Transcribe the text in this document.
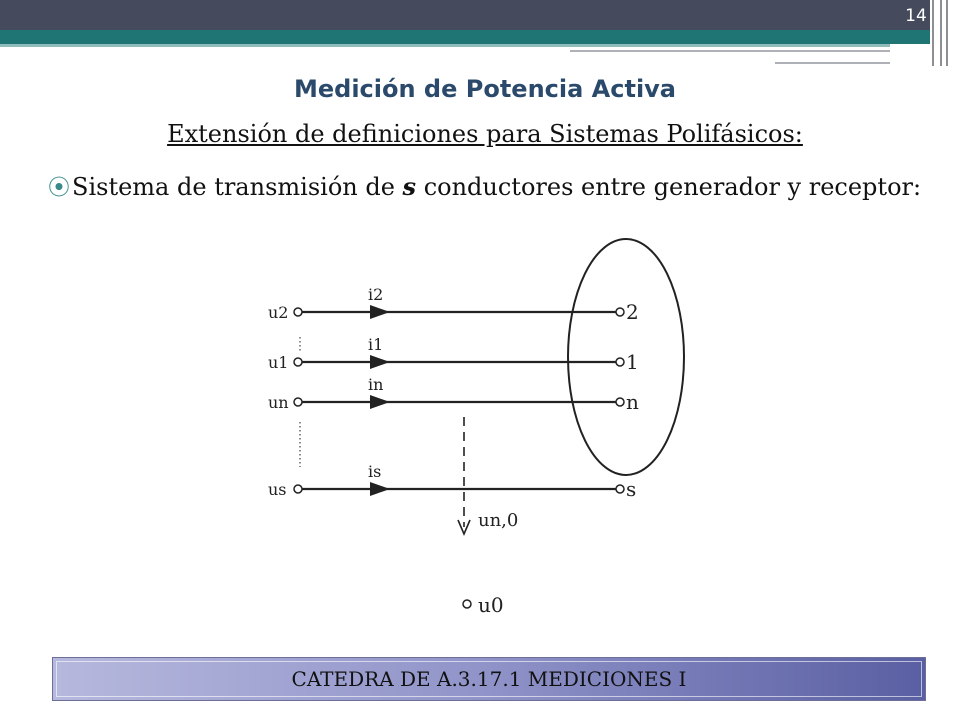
14
Medición de Potencia Activa
Extensión de definiciones para Sistemas Polifásicos:
⦿Sistema de transmisión de s conductores entre generador y receptor:
u2
u1
un
us
i2
i1
in
is
2
1
n
s
un,0
u0
CATEDRA DE A.3.17.1 MEDICIONES I
